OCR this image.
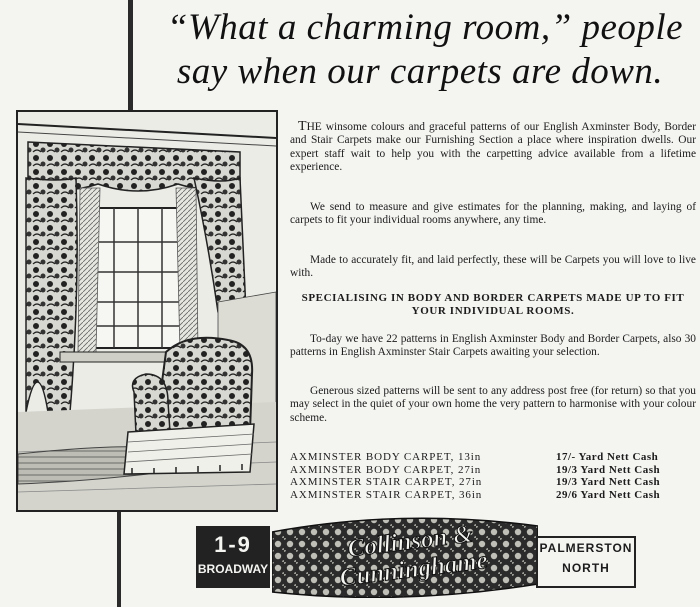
“What a charming room,” people
say when our carpets are down.

THE winsome colours and graceful patterns of our English Axminster Body, Border and Stair Carpets make our Furnishing Section a place where inspiration dwells. Our expert staff wait to help you with the carpetting advice available from a lifetime experience.

We send to measure and give estimates for the planning, making, and laying of carpets to fit your individual rooms anywhere, any time.

Made to accurately fit, and laid perfectly, these will be Carpets you will love to live with.

SPECIALISING IN BODY AND BORDER CARPETS MADE UP TO FIT YOUR INDIVIDUAL ROOMS.

To-day we have 22 patterns in English Axminster Body and Border Carpets, also 30 patterns in English Axminster Stair Carpets awaiting your selection.

Generous sized patterns will be sent to any address post free (for return) so that you may select in the quiet of your own home the very pattern to harmonise with your colour scheme.

AXMINSTER BODY CARPET, 13in	17/- Yard Nett Cash
AXMINSTER BODY CARPET, 27in	19/3 Yard Nett Cash
AXMINSTER STAIR CARPET, 27in	19/3 Yard Nett Cash
AXMINSTER STAIR CARPET, 36in	29/6 Yard Nett Cash
1-9
BROADWAY
Collinson & Cunninghame	PALMERSTON
NORTH
